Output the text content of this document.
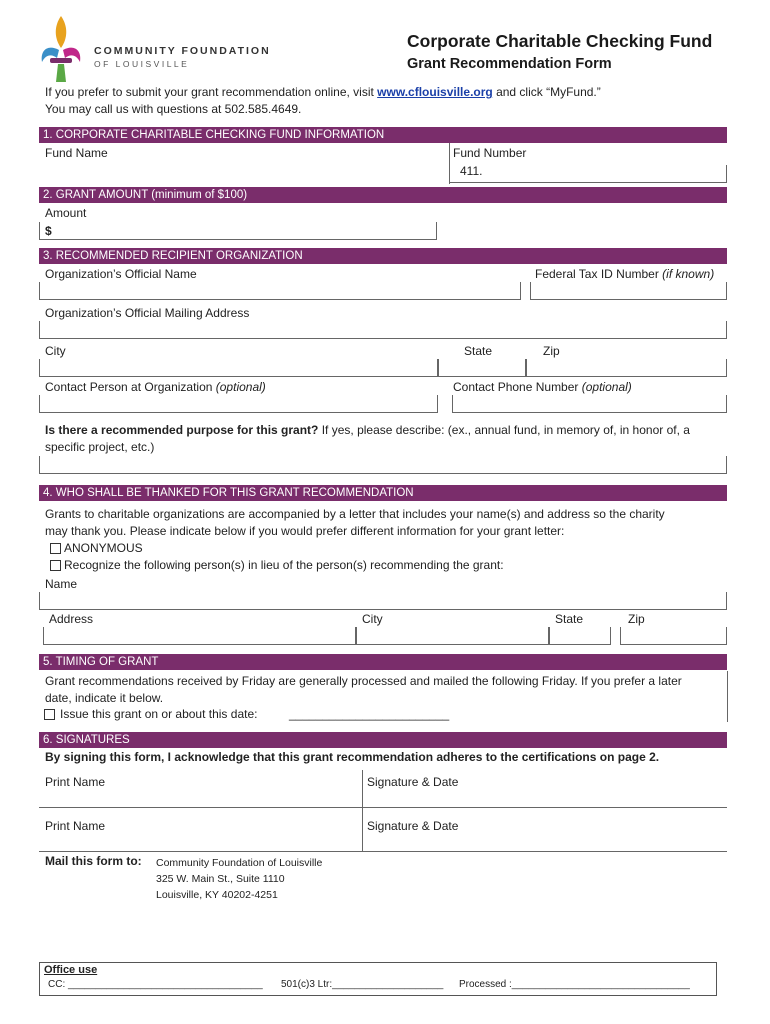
COMMUNITY FOUNDATION
OF LOUISVILLE
Corporate Charitable Checking Fund
Grant Recommendation Form
If you prefer to submit your grant recommendation online, visit www.cflouisville.org and click “MyFund.”
You may call us with questions at 502.585.4649.
1. CORPORATE CHARITABLE CHECKING FUND INFORMATION
Fund Name	Fund Number
411.
2. GRANT AMOUNT (minimum of $100)
Amount
$
3. RECOMMENDED RECIPIENT ORGANIZATION
Organization’s Official Name	Federal Tax ID Number (if known)
Organization’s Official Mailing Address
City	State	Zip
Contact Person at Organization (optional)	Contact Phone Number (optional)
Is there a recommended purpose for this grant? If yes, please describe: (ex., annual fund, in memory of, in honor of, a
specific project, etc.)
4. WHO SHALL BE THANKED FOR THIS GRANT RECOMMENDATION
Grants to charitable organizations are accompanied by a letter that includes your name(s) and address so the charity
may thank you. Please indicate below if you would prefer different information for your grant letter:
ANONYMOUS
Recognize the following person(s) in lieu of the person(s) recommending the grant:
Name
Address	City	State	Zip
5. TIMING OF GRANT
Grant recommendations received by Friday are generally processed and mailed the following Friday. If you prefer a later
date, indicate it below.
Issue this grant on or about this date:	________________________
6. SIGNATURES
By signing this form, I acknowledge that this grant recommendation adheres to the certifications on page 2.
Print Name	Signature & Date
Print Name	Signature & Date
Mail this form to: Community Foundation of Louisville
325 W. Main St., Suite 1110
Louisville, KY 40202-4251
Office use
CC: ___________________________________ 501(c)3 Ltr:____________________ Processed :________________________________
